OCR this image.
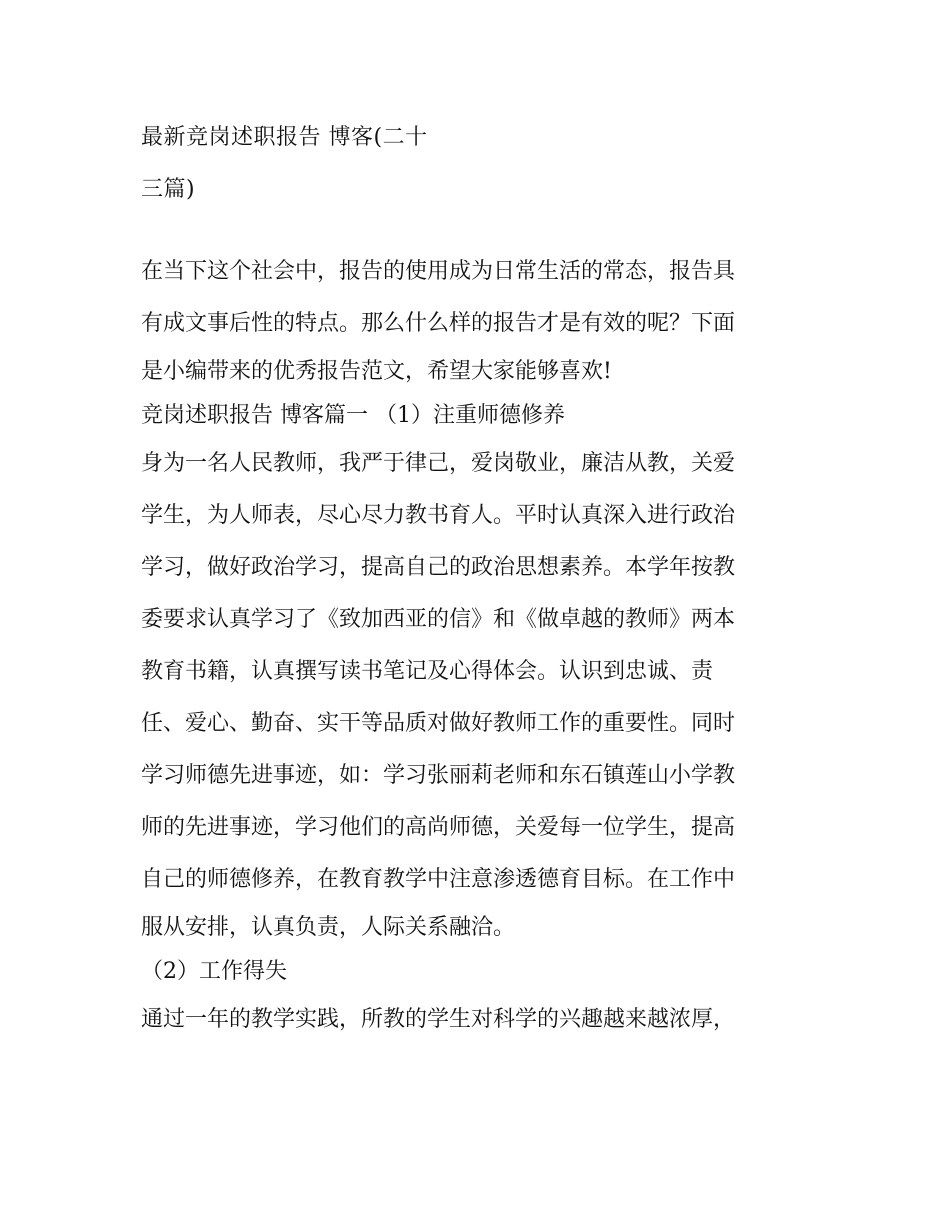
最新竞岗述职报告 博客(二十
三篇)
在当下这个社会中，报告的使用成为日常生活的常态，报告具
有成文事后性的特点。那么什么样的报告才是有效的呢？下面
是小编带来的优秀报告范文，希望大家能够喜欢!
竞岗述职报告 博客篇一 （1）注重师德修养
身为一名人民教师，我严于律己，爱岗敬业，廉洁从教，关爱
学生，为人师表，尽心尽力教书育人。平时认真深入进行政治
学习，做好政治学习，提高自己的政治思想素养。本学年按教
委要求认真学习了《致加西亚的信》和《做卓越的教师》两本
教育书籍，认真撰写读书笔记及心得体会。认识到忠诚、责
任、爱心、勤奋、实干等品质对做好教师工作的重要性。同时
学习师德先进事迹，如：学习张丽莉老师和东石镇莲山小学教
师的先进事迹，学习他们的高尚师德，关爱每一位学生，提高
自己的师德修养，在教育教学中注意渗透德育目标。在工作中
服从安排，认真负责，人际关系融洽。
（2）工作得失
通过一年的教学实践，所教的学生对科学的兴趣越来越浓厚，
